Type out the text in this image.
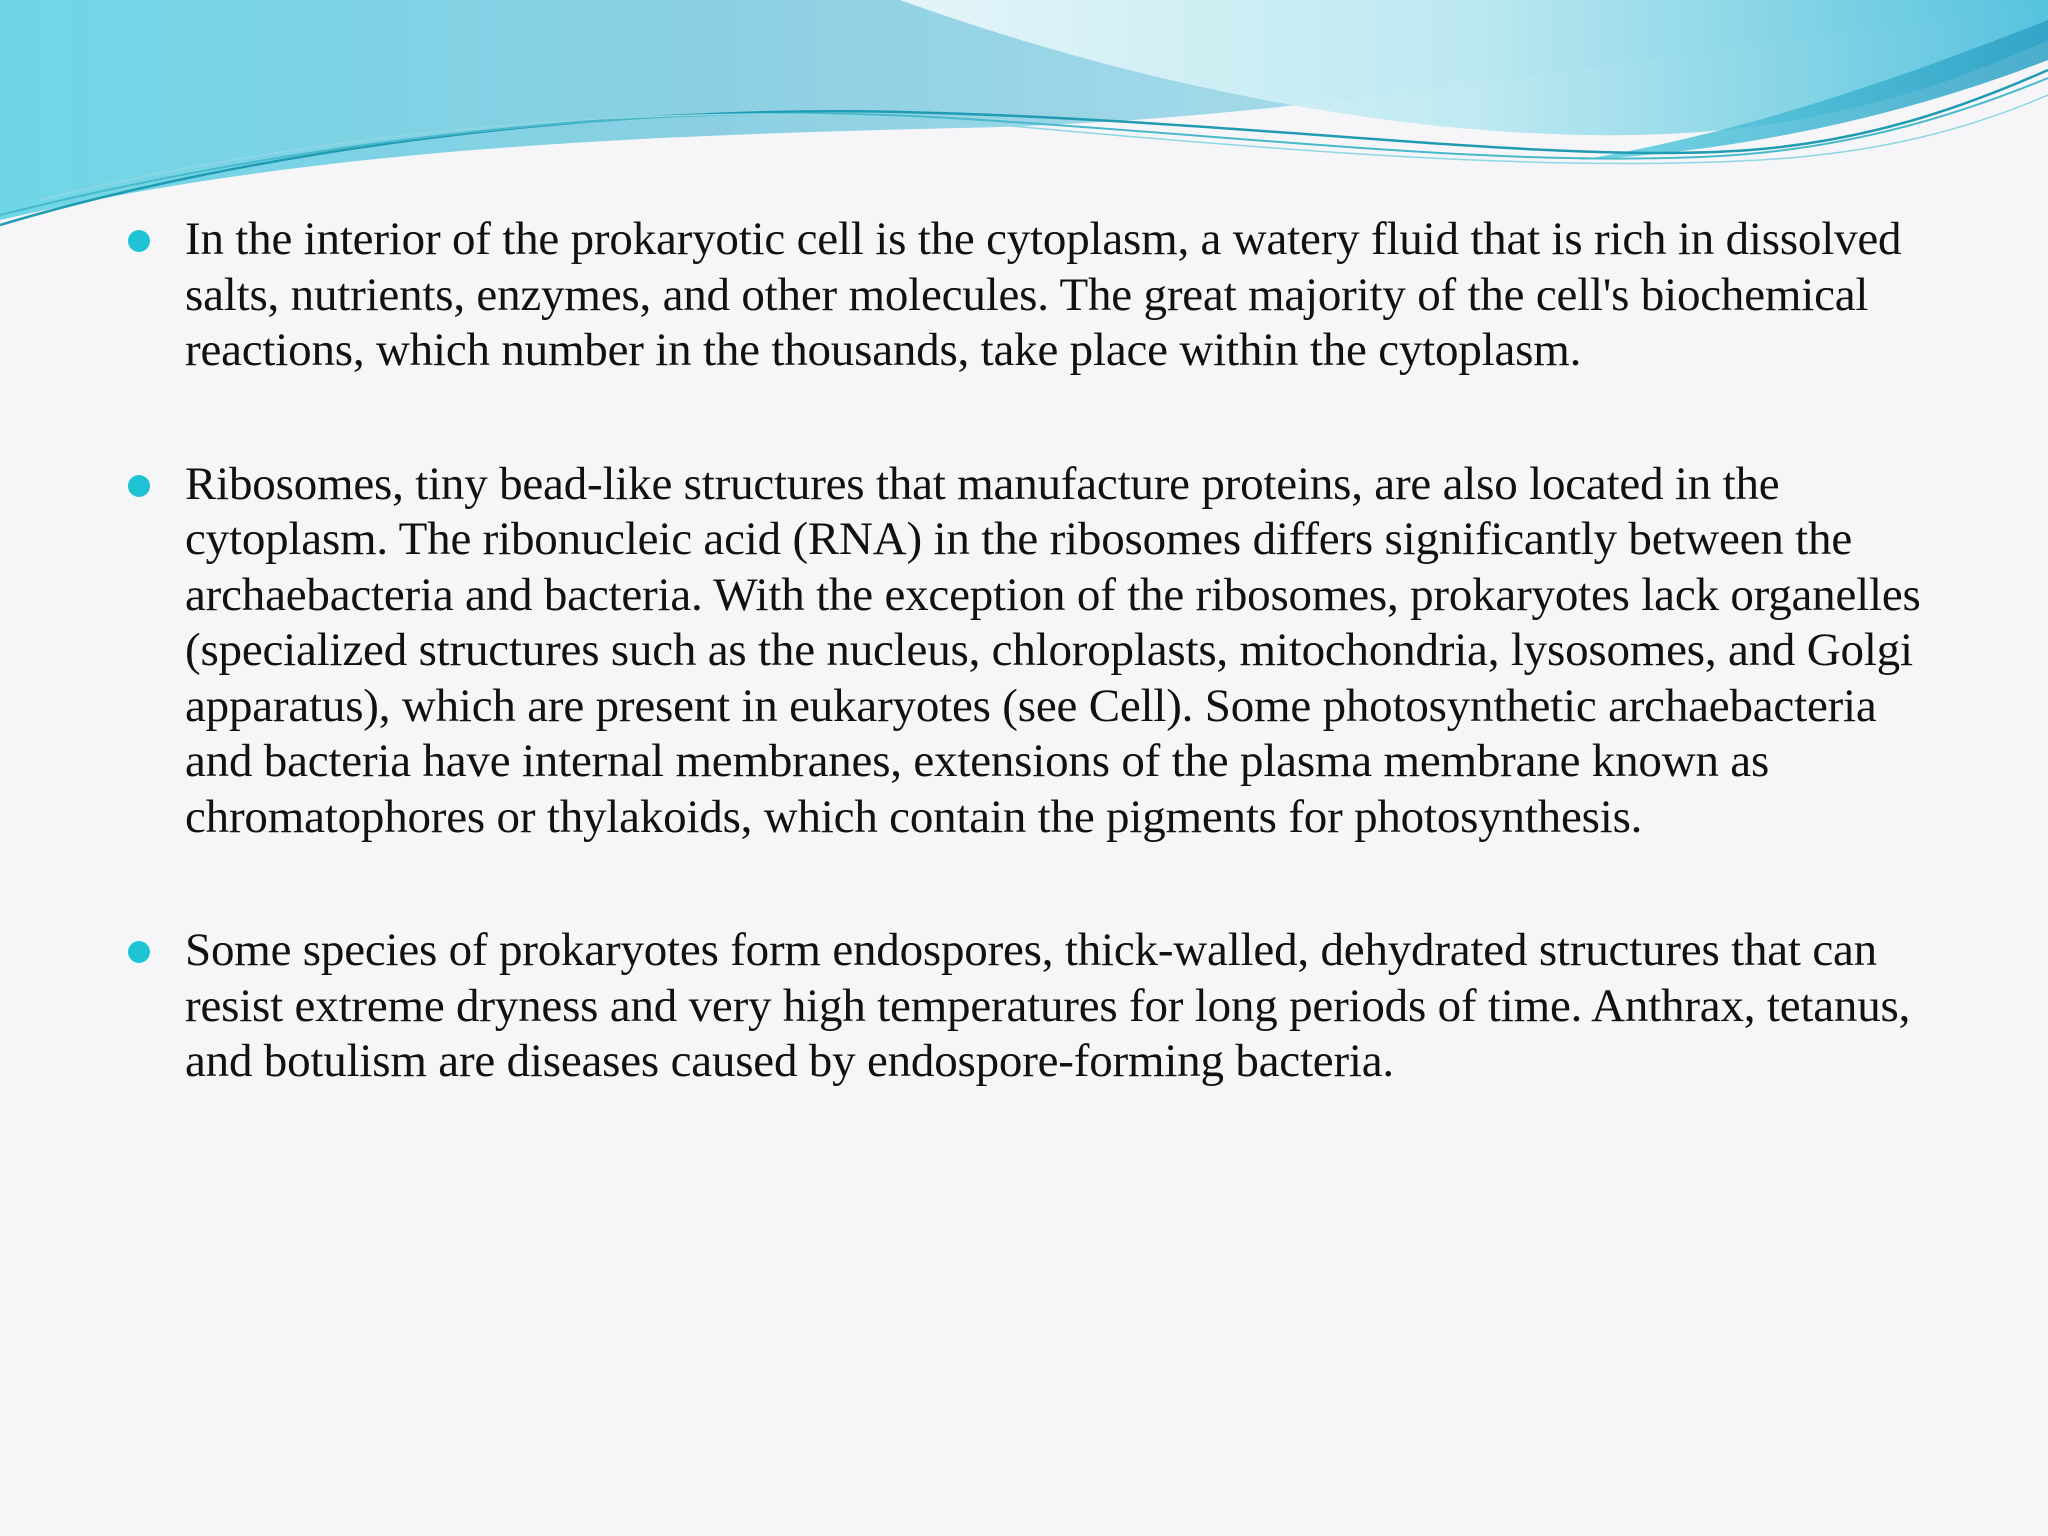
In the interior of the prokaryotic cell is the cytoplasm, a watery fluid that is rich in dissolved salts, nutrients, enzymes, and other molecules. The great majority of the cell's biochemical reactions, which number in the thousands, take place within the cytoplasm.
Ribosomes, tiny bead-like structures that manufacture proteins, are also located in the cytoplasm. The ribonucleic acid (RNA) in the ribosomes differs significantly between the archaebacteria and bacteria. With the exception of the ribosomes, prokaryotes lack organelles (specialized structures such as the nucleus, chloroplasts, mitochondria, lysosomes, and Golgi apparatus), which are present in eukaryotes (see Cell). Some photosynthetic archaebacteria and bacteria have internal membranes, extensions of the plasma membrane known as chromatophores or thylakoids, which contain the pigments for photosynthesis.
Some species of prokaryotes form endospores, thick-walled, dehydrated structures that can resist extreme dryness and very high temperatures for long periods of time. Anthrax, tetanus, and botulism are diseases caused by endospore-forming bacteria.
